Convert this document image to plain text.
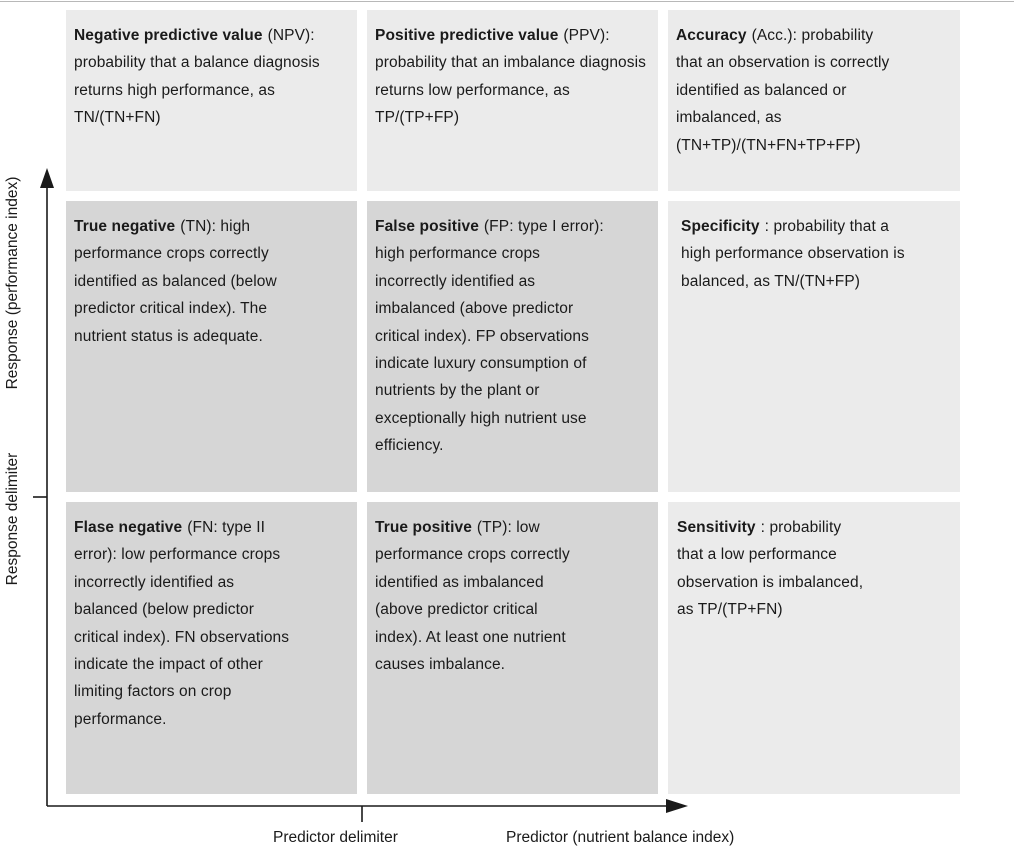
Negative predictive value (NPV): probability that a balance diagnosis returns high performance, as TN/(TN+FN)
Positive predictive value (PPV): probability that an imbalance diagnosis returns low performance, as TP/(TP+FP)
Accuracy (Acc.): probability that an observation is correctly identified as balanced or imbalanced, as (TN+TP)/(TN+FN+TP+FP)
True negative (TN): high performance crops correctly identified as balanced (below predictor critical index). The nutrient status is adequate.
False positive (FP: type I error): high performance crops incorrectly identified as imbalanced (above predictor critical index). FP observations indicate luxury consumption of nutrients by the plant or exceptionally high nutrient use efficiency.
Specificity : probability that a high performance observation is balanced, as TN/(TN+FP)
Flase negative (FN: type II error): low performance crops incorrectly identified as balanced (below predictor critical index). FN observations indicate the impact of other limiting factors on crop performance.
True positive (TP): low performance crops correctly identified as imbalanced (above predictor critical index). At least one nutrient causes imbalance.
Sensitivity : probability that a low performance observation is imbalanced, as TP/(TP+FN)
Response (performance index)
Response delimiter
Predictor delimiter	Predictor (nutrient balance index)
